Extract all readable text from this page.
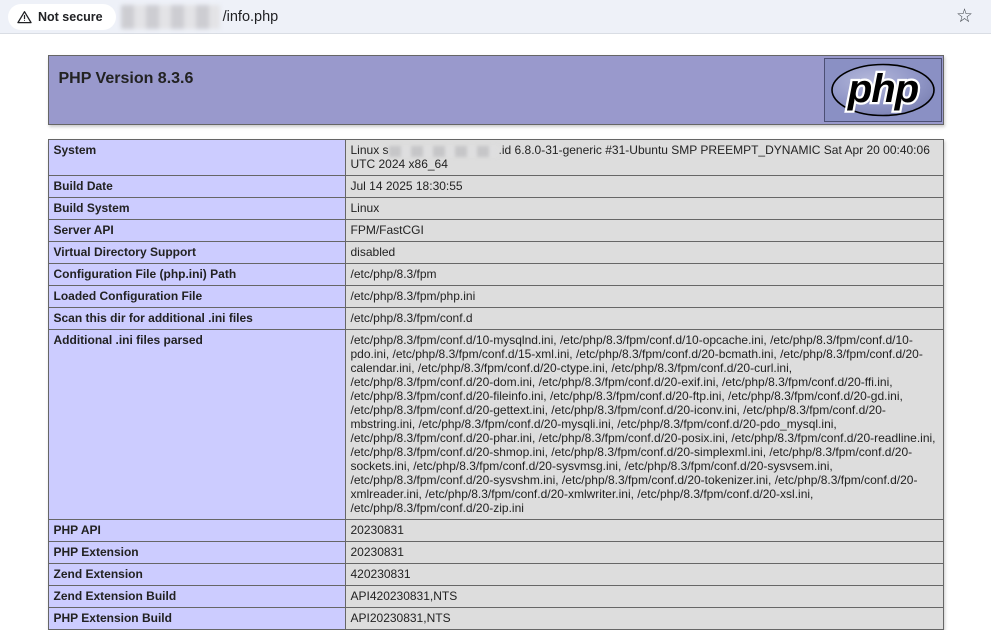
Not secure	/info.php	☆
PHP Version 8.3.6	php
System	Linux s .id 6.8.0-31-generic #31-Ubuntu SMP PREEMPT_DYNAMIC Sat Apr 20 00:40:06 UTC 2024 x86_64
Build Date	Jul 14 2025 18:30:55
Build System	Linux
Server API	FPM/FastCGI
Virtual Directory Support	disabled
Configuration File (php.ini) Path	/etc/php/8.3/fpm
Loaded Configuration File	/etc/php/8.3/fpm/php.ini
Scan this dir for additional .ini files	/etc/php/8.3/fpm/conf.d
Additional .ini files parsed	/etc/php/8.3/fpm/conf.d/10-mysqlnd.ini, /etc/php/8.3/fpm/conf.d/10-opcache.ini, /etc/php/8.3/fpm/conf.d/10-pdo.ini, /etc/php/8.3/fpm/conf.d/15-xml.ini, /etc/php/8.3/fpm/conf.d/20-bcmath.ini, /etc/php/8.3/fpm/conf.d/20-calendar.ini, /etc/php/8.3/fpm/conf.d/20-ctype.ini, /etc/php/8.3/fpm/conf.d/20-curl.ini, /etc/php/8.3/fpm/conf.d/20-dom.ini, /etc/php/8.3/fpm/conf.d/20-exif.ini, /etc/php/8.3/fpm/conf.d/20-ffi.ini, /etc/php/8.3/fpm/conf.d/20-fileinfo.ini, /etc/php/8.3/fpm/conf.d/20-ftp.ini, /etc/php/8.3/fpm/conf.d/20-gd.ini, /etc/php/8.3/fpm/conf.d/20-gettext.ini, /etc/php/8.3/fpm/conf.d/20-iconv.ini, /etc/php/8.3/fpm/conf.d/20-mbstring.ini, /etc/php/8.3/fpm/conf.d/20-mysqli.ini, /etc/php/8.3/fpm/conf.d/20-pdo_mysql.ini, /etc/php/8.3/fpm/conf.d/20-phar.ini, /etc/php/8.3/fpm/conf.d/20-posix.ini, /etc/php/8.3/fpm/conf.d/20-readline.ini, /etc/php/8.3/fpm/conf.d/20-shmop.ini, /etc/php/8.3/fpm/conf.d/20-simplexml.ini, /etc/php/8.3/fpm/conf.d/20-sockets.ini, /etc/php/8.3/fpm/conf.d/20-sysvmsg.ini, /etc/php/8.3/fpm/conf.d/20-sysvsem.ini, /etc/php/8.3/fpm/conf.d/20-sysvshm.ini, /etc/php/8.3/fpm/conf.d/20-tokenizer.ini, /etc/php/8.3/fpm/conf.d/20-xmlreader.ini, /etc/php/8.3/fpm/conf.d/20-xmlwriter.ini, /etc/php/8.3/fpm/conf.d/20-xsl.ini, /etc/php/8.3/fpm/conf.d/20-zip.ini
PHP API	20230831
PHP Extension	20230831
Zend Extension	420230831
Zend Extension Build	API420230831,NTS
PHP Extension Build	API20230831,NTS
